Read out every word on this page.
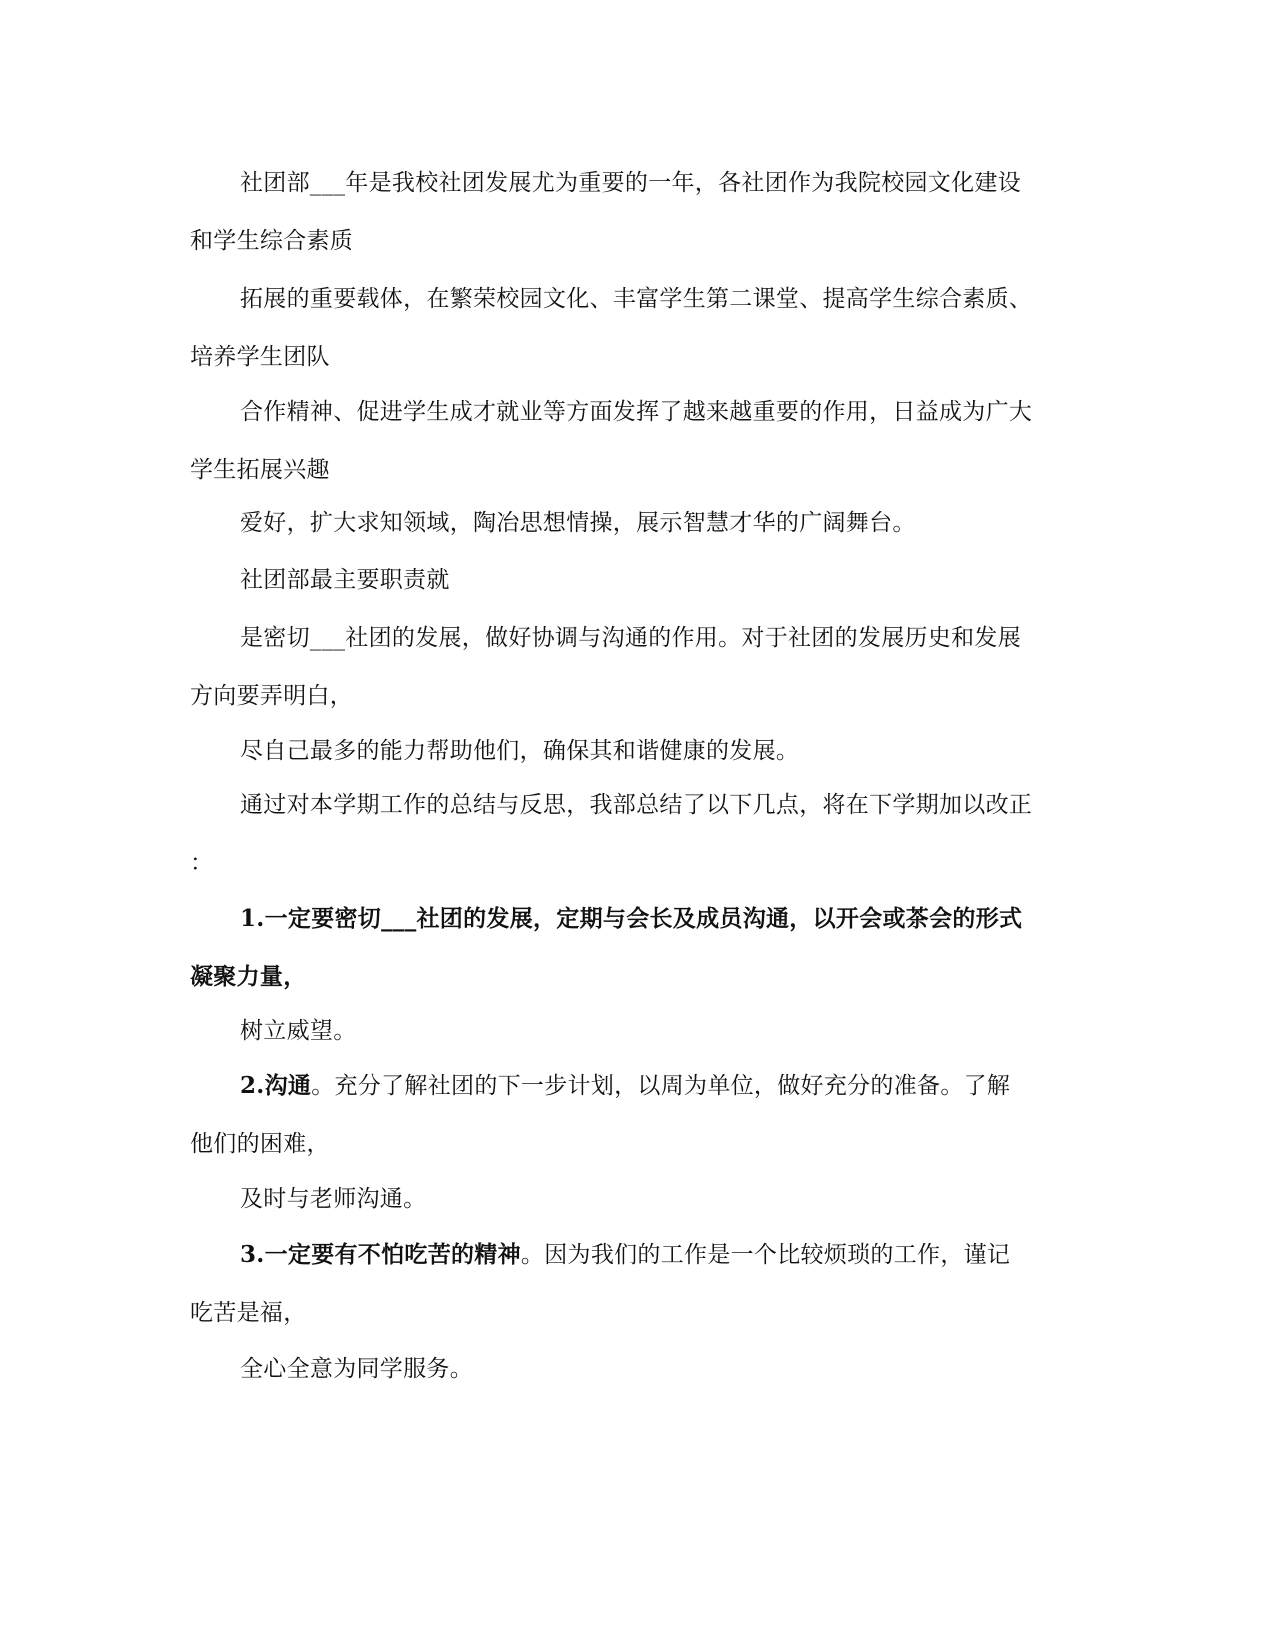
社团部___年是我校社团发展尤为重要的一年，各社团作为我院校园文化建设
和学生综合素质

拓展的重要载体，在繁荣校园文化、丰富学生第二课堂、提高学生综合素质、
培养学生团队

合作精神、促进学生成才就业等方面发挥了越来越重要的作用，日益成为广大
学生拓展兴趣

爱好，扩大求知领域，陶冶思想情操，展示智慧才华的广阔舞台。

社团部最主要职责就

是密切___社团的发展，做好协调与沟通的作用。对于社团的发展历史和发展
方向要弄明白，

尽自己最多的能力帮助他们，确保其和谐健康的发展。

通过对本学期工作的总结与反思，我部总结了以下几点，将在下学期加以改正
：

1.一定要密切___社团的发展，定期与会长及成员沟通，以开会或茶会的形式
凝聚力量，

树立威望。

2.沟通。充分了解社团的下一步计划，以周为单位，做好充分的准备。了解
他们的困难，

及时与老师沟通。

3.一定要有不怕吃苦的精神。因为我们的工作是一个比较烦琐的工作，谨记
吃苦是福，

全心全意为同学服务。
